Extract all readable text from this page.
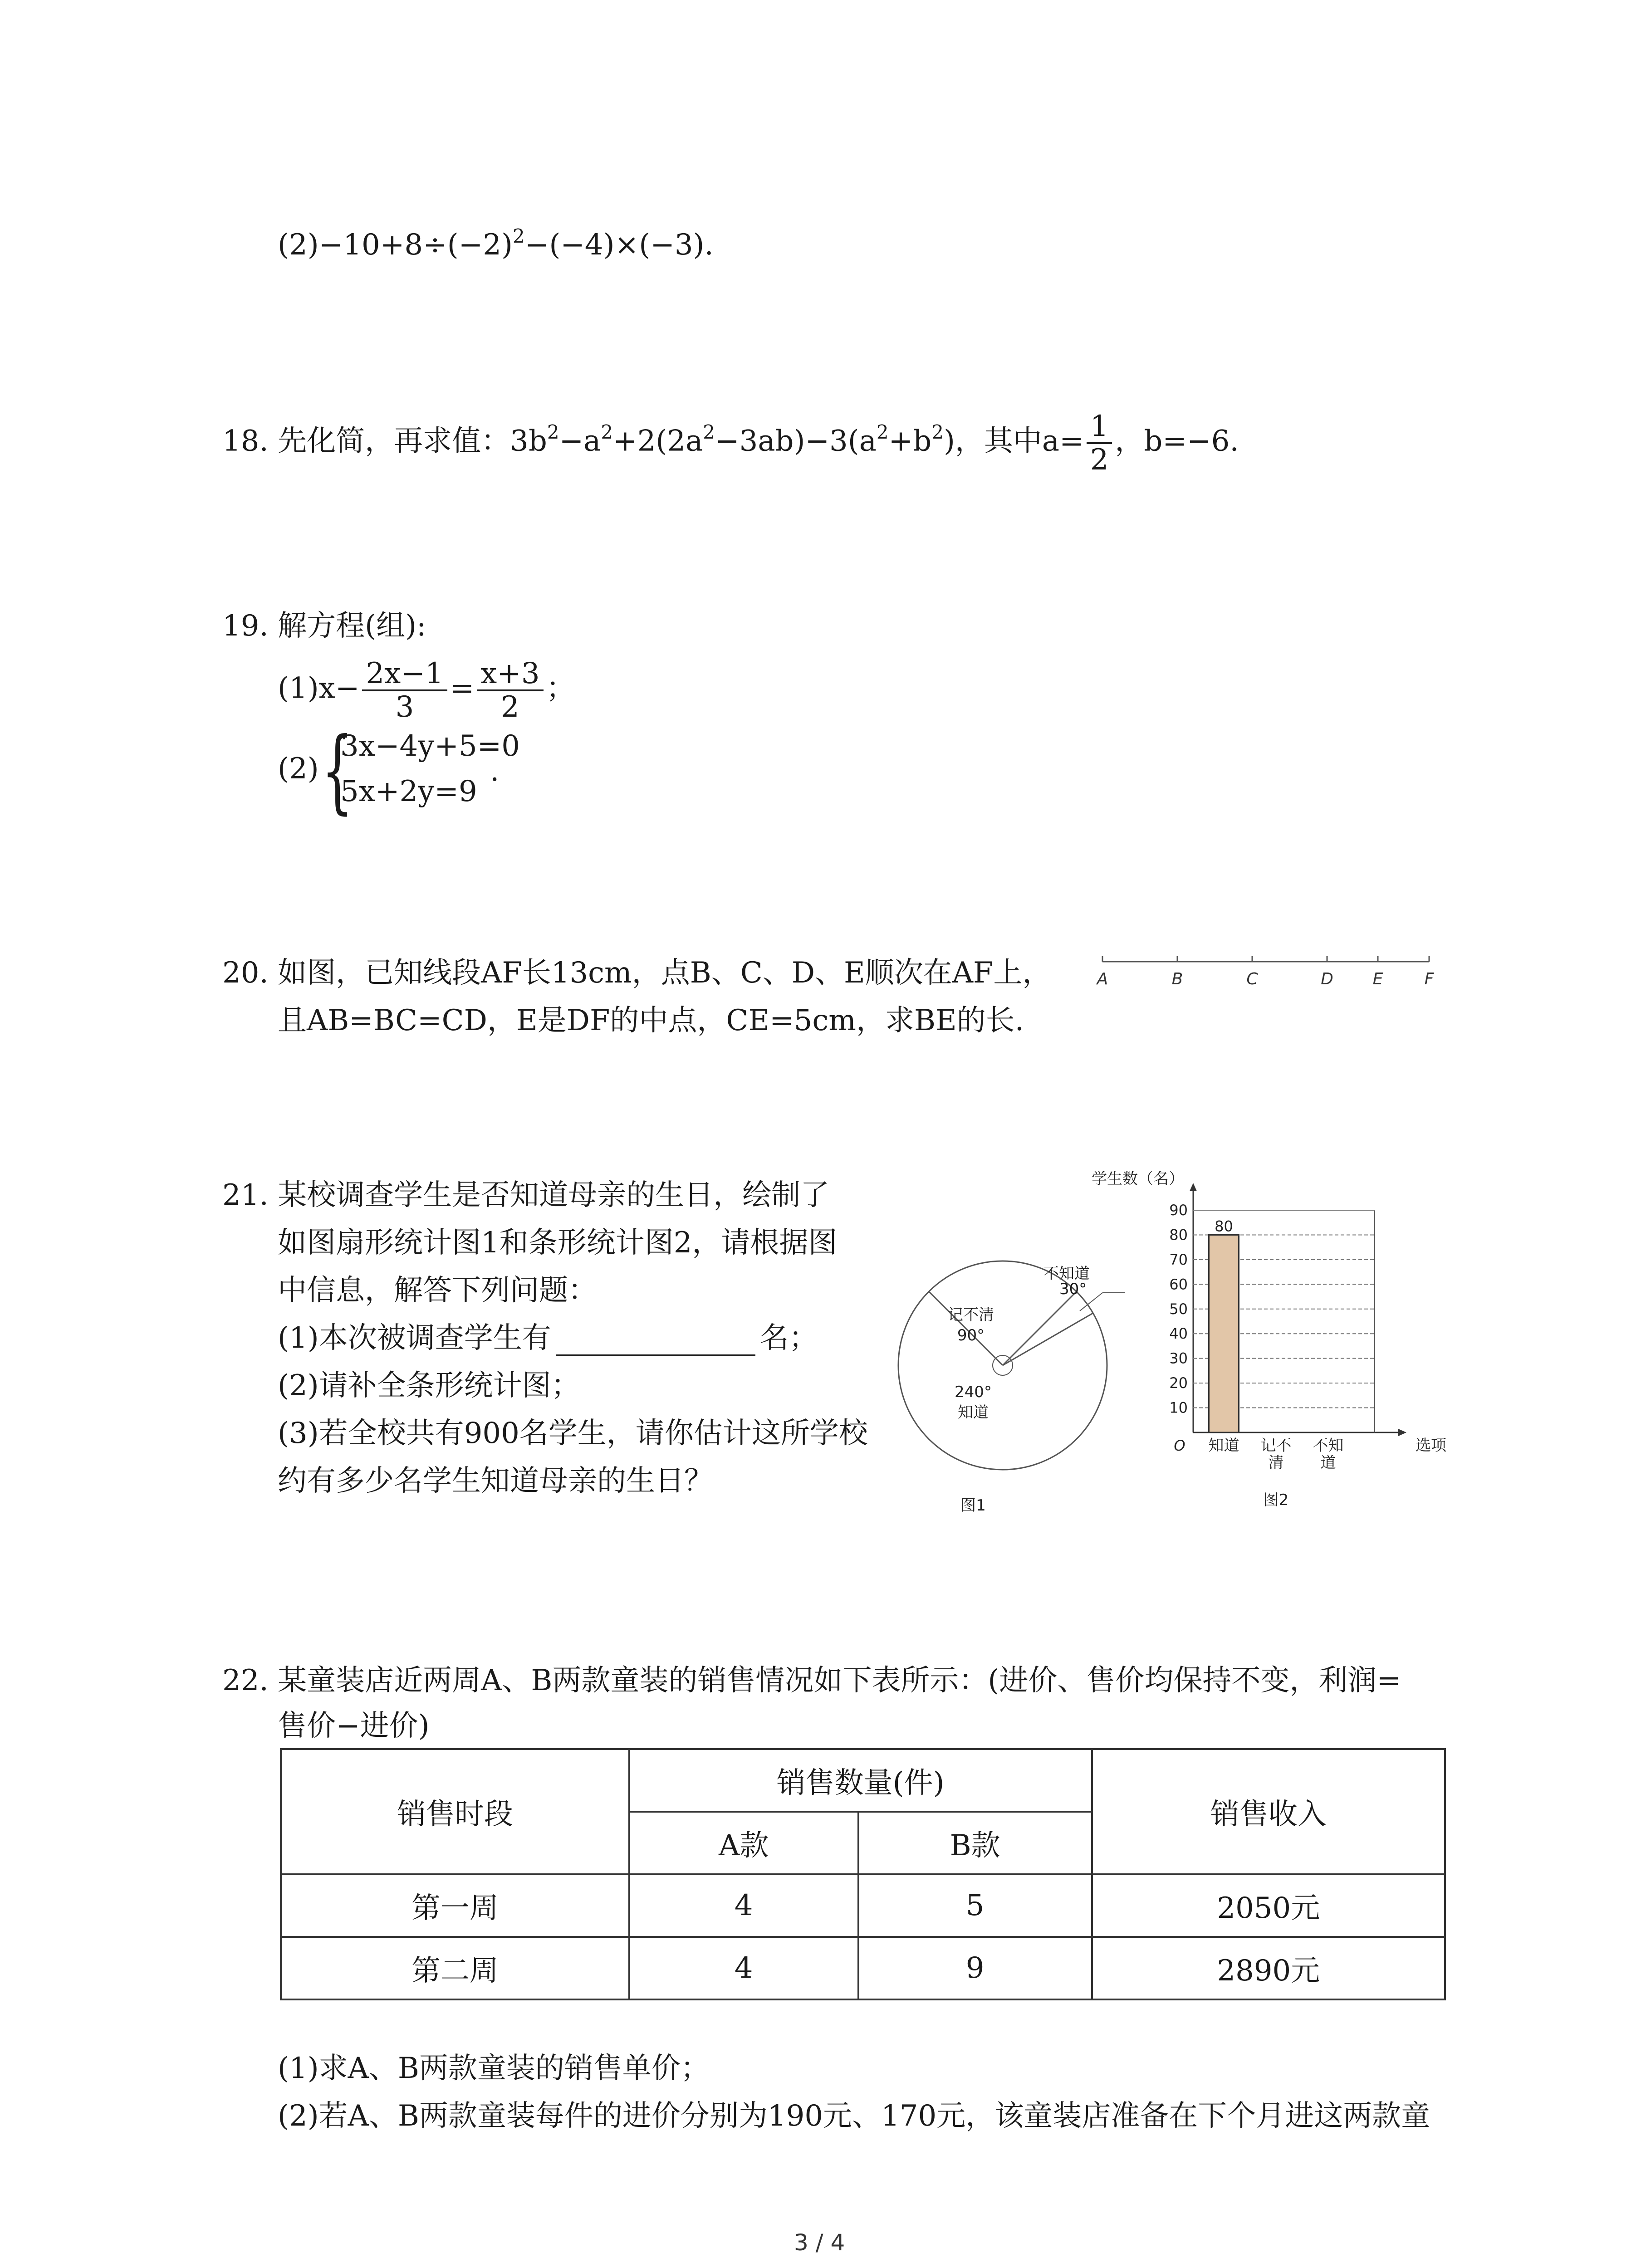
$(2)-10+8\div(-2)^2-(-4)\times(-3)$.
18. 先化简，再求值：$3b^2-a^2+2(2a^2-3ab)-3(a^2+b^2)$，其中$a= \frac{1}{2}$ ，b=−6.
19. 解方程(组):
$(1)x- \frac{2x-1}{3} = \frac{x+3}{2}$ ；
(2) {
3x−4y+5=0
5x+2y=9
.
20. 如图，已知线段AF长13cm，点B、C、D、E顺次在AF上，
且AB=BC=CD，E是DF的中点，CE=5cm，求BE的长.
A	B	C	D E	F
21. 某校调查学生是否知道母亲的生日，绘制了
如图扇形统计图1和条形统计图2，请根据图
中信息，解答下列问题：
(1)本次被调查学生有	名；
(2)请补全条形统计图；
(3)若全校共有900名学生，请你估计这所学校
约有多少名学生知道母亲的生日？
记不清
90°
240°
知道
图1
不知道
30°
10
20
30
40
50
60
70
80
90
学生数（名）
O	选项
知道
80
记不
清
不知
道
图2
22. 某童装店近两周A、B两款童装的销售情况如下表所示：(进价、售价均保持不变，利润=
售价−进价)
销售时段	销售数量(件)		销售收入
	A款	B款	
第一周	4	5	2050元
第二周	4	9	2890元
(1)求A、B两款童装的销售单价；
(2)若A、B两款童装每件的进价分别为190元、170元，该童装店准备在下个月进这两款童
3 / 4
